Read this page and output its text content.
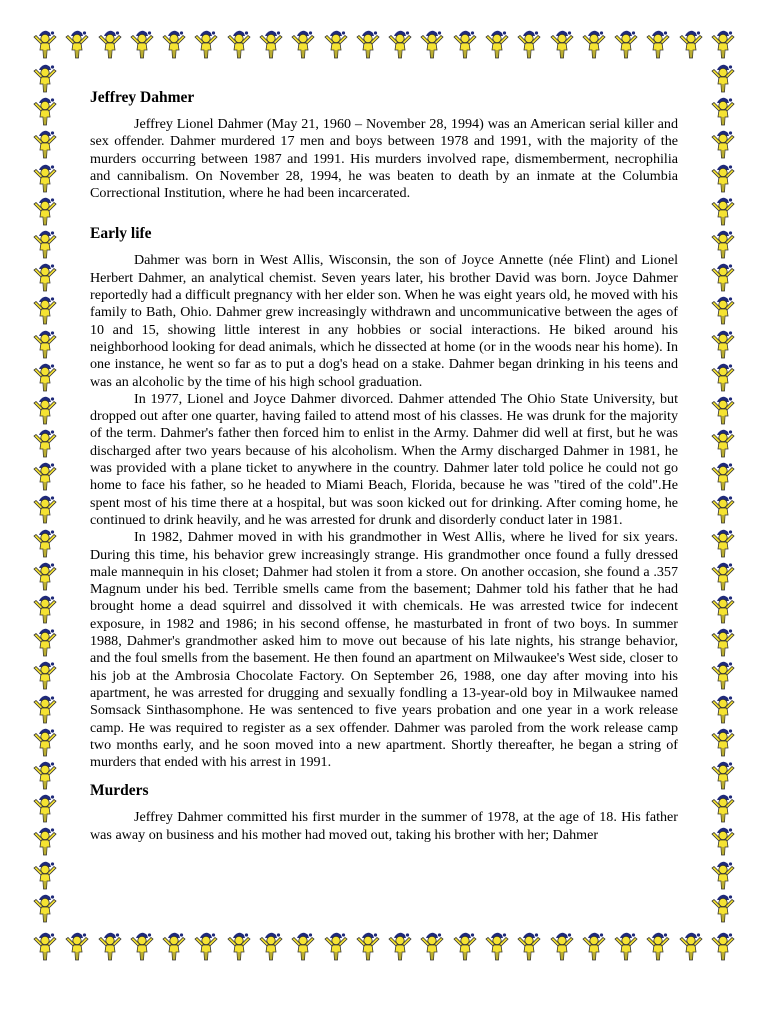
Jeffrey Dahmer

Jeffrey Lionel Dahmer (May 21, 1960 – November 28, 1994) was an American serial killer and sex offender. Dahmer murdered 17 men and boys between 1978 and 1991, with the majority of the murders occurring between 1987 and 1991. His murders involved rape, dismemberment, necrophilia and cannibalism. On November 28, 1994, he was beaten to death by an inmate at the Columbia Correctional Institution, where he had been incarcerated.

Early life

Dahmer was born in West Allis, Wisconsin, the son of Joyce Annette (née Flint) and Lionel Herbert Dahmer, an analytical chemist. Seven years later, his brother David was born. Joyce Dahmer reportedly had a difficult pregnancy with her elder son. When he was eight years old, he moved with his family to Bath, Ohio. Dahmer grew increasingly withdrawn and uncommunicative between the ages of 10 and 15, showing little interest in any hobbies or social interactions. He biked around his neighborhood looking for dead animals, which he dissected at home (or in the woods near his home). In one instance, he went so far as to put a dog's head on a stake. Dahmer began drinking in his teens and was an alcoholic by the time of his high school graduation.

In 1977, Lionel and Joyce Dahmer divorced. Dahmer attended The Ohio State University, but dropped out after one quarter, having failed to attend most of his classes. He was drunk for the majority of the term. Dahmer's father then forced him to enlist in the Army. Dahmer did well at first, but he was discharged after two years because of his alcoholism. When the Army discharged Dahmer in 1981, he was provided with a plane ticket to anywhere in the country. Dahmer later told police he could not go home to face his father, so he headed to Miami Beach, Florida, because he was "tired of the cold".He spent most of his time there at a hospital, but was soon kicked out for drinking. After coming home, he continued to drink heavily, and he was arrested for drunk and disorderly conduct later in 1981.

In 1982, Dahmer moved in with his grandmother in West Allis, where he lived for six years. During this time, his behavior grew increasingly strange. His grandmother once found a fully dressed male mannequin in his closet; Dahmer had stolen it from a store. On another occasion, she found a .357 Magnum under his bed. Terrible smells came from the basement; Dahmer told his father that he had brought home a dead squirrel and dissolved it with chemicals. He was arrested twice for indecent exposure, in 1982 and 1986; in his second offense, he masturbated in front of two boys. In summer 1988, Dahmer's grandmother asked him to move out because of his late nights, his strange behavior, and the foul smells from the basement. He then found an apartment on Milwaukee's West side, closer to his job at the Ambrosia Chocolate Factory. On September 26, 1988, one day after moving into his apartment, he was arrested for drugging and sexually fondling a 13-year-old boy in Milwaukee named Somsack Sinthasomphone. He was sentenced to five years probation and one year in a work release camp. He was required to register as a sex offender. Dahmer was paroled from the work release camp two months early, and he soon moved into a new apartment. Shortly thereafter, he began a string of murders that ended with his arrest in 1991.

Murders

Jeffrey Dahmer committed his first murder in the summer of 1978, at the age of 18. His father was away on business and his mother had moved out, taking his brother with her; Dahmer
